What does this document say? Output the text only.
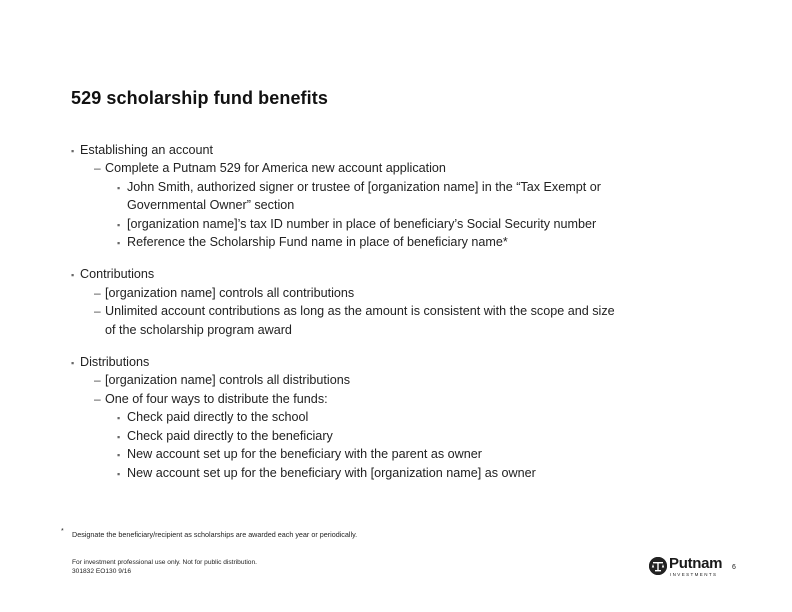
529 scholarship fund benefits
▪ Establishing an account
– Complete a Putnam 529 for America new account application
▪ John Smith, authorized signer or trustee of [organization name] in the “Tax Exempt or
Governmental Owner” section
▪ [organization name]’s tax ID number in place of beneficiary’s Social Security number
▪ Reference the Scholarship Fund name in place of beneficiary name*
▪ Contributions
– [organization name] controls all contributions
– Unlimited account contributions as long as the amount is consistent with the scope and size
of the scholarship program award
▪ Distributions
– [organization name] controls all distributions
– One of four ways to distribute the funds:
▪ Check paid directly to the school
▪ Check paid directly to the beneficiary
▪ New account set up for the beneficiary with the parent as owner
▪ New account set up for the beneficiary with [organization name] as owner
* Designate the beneficiary/recipient as scholarships are awarded each year or periodically.
For investment professional use only. Not for public distribution.
301832 EO130 9/16	Putnam
INVESTMENTS
6
